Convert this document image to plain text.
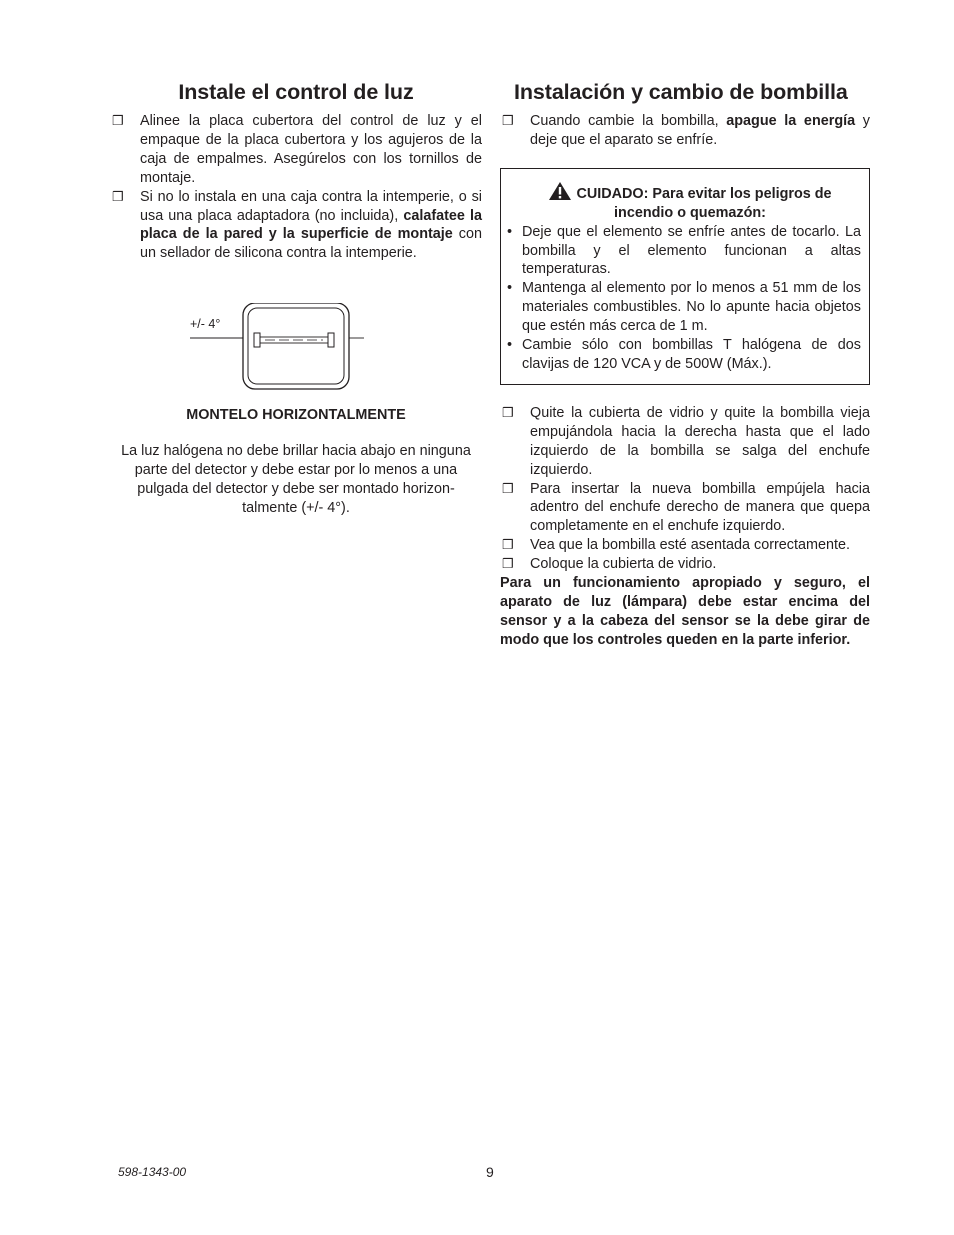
Instale el control de luz

❒ Alinee la placa cubertora del control de luz y el empaque de la placa cubertora y los agujeros de la caja de empalmes. Asegúrelos con los tornillos de montaje.

❒ Si no lo instala en una caja contra la intemperie, o si usa una placa adaptadora (no incluida), calafatee la placa de la pared y la superficie de montaje con un sellador de silicona contra la intemperie.

+/- 4°
MONTELO HORIZONTALMENTE
La luz halógena no debe brillar hacia abajo en ninguna parte del detector y debe estar por lo menos a una pulgada del detector y debe ser montado horizon-talmente (+/- 4°).
Instalación y cambio de bombilla

❒ Cuando cambie la bombilla, apague la energía y deje que el aparato se enfríe.

CUIDADO: Para evitar los peligros de incendio o quemazón:
• Deje que el elemento se enfríe antes de tocarlo. La bombilla y el elemento funcionan a altas temperaturas.
• Mantenga al elemento por lo menos a 51 mm de los materiales combustibles. No lo apunte hacia objetos que estén más cerca de 1 m.
• Cambie sólo con bombillas T halógena de dos clavijas de 120 VCA y de 500W (Máx.).

❒ Quite la cubierta de vidrio y quite la bombilla vieja empujándola hacia la derecha hasta que el lado izquierdo de la bombilla se salga del enchufe izquierdo.

❒ Para insertar la nueva bombilla empújela hacia adentro del enchufe derecho de manera que quepa completamente en el enchufe izquierdo.

❒ Vea que la bombilla esté asentada correctamente.

❒ Coloque la cubierta de vidrio.

Para un funcionamiento apropiado y seguro, el aparato de luz (lámpara) debe estar encima del sensor y a la cabeza del sensor se la debe girar de modo que los controles queden en la parte inferior.
598-1343-00	9
